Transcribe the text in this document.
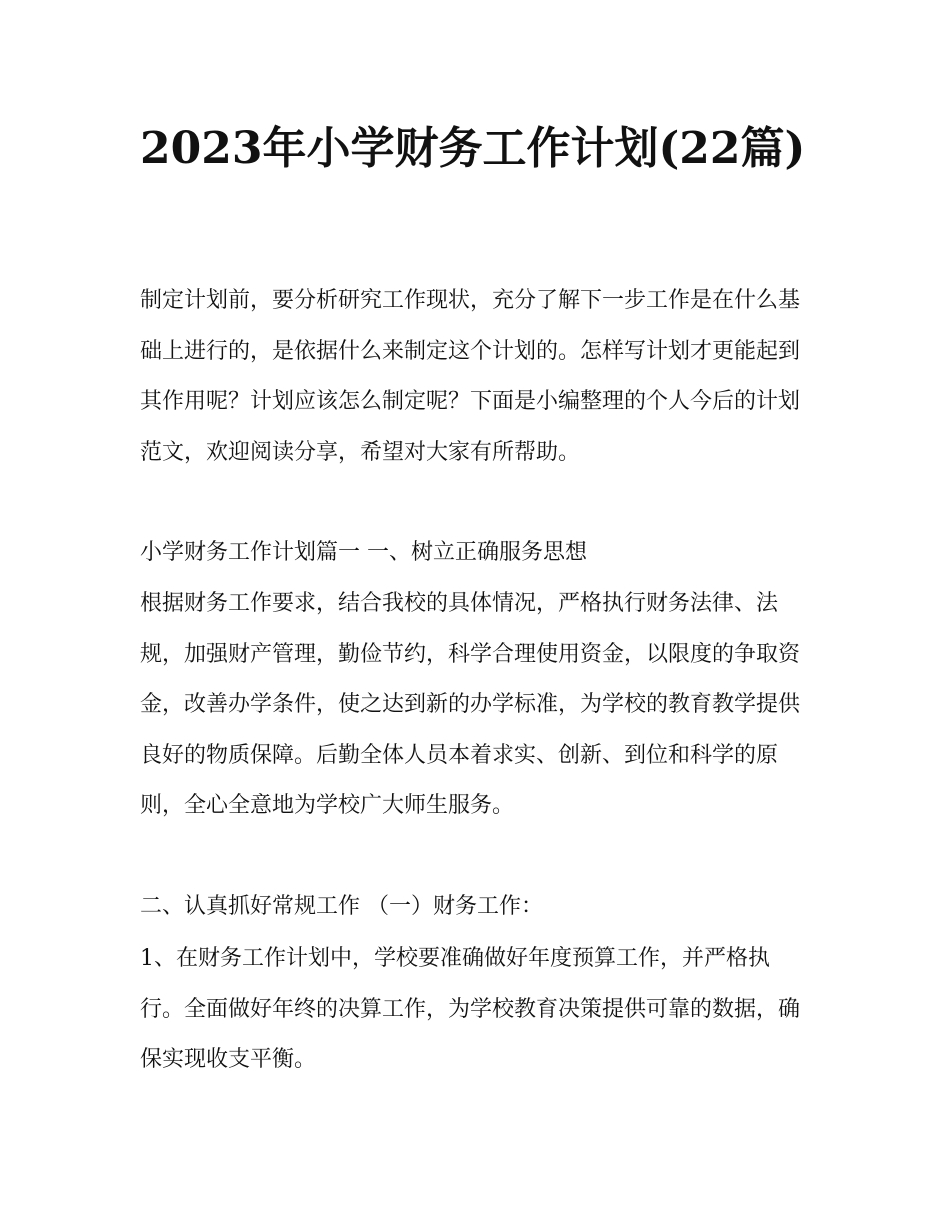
2023年小学财务工作计划(22篇)

制定计划前，要分析研究工作现状，充分了解下一步工作是在什么基础上进行的，是依据什么来制定这个计划的。怎样写计划才更能起到其作用呢？计划应该怎么制定呢？下面是小编整理的个人今后的计划范文，欢迎阅读分享，希望对大家有所帮助。

小学财务工作计划篇一 一、树立正确服务思想

根据财务工作要求，结合我校的具体情况，严格执行财务法律、法规，加强财产管理，勤俭节约，科学合理使用资金，以限度的争取资金，改善办学条件，使之达到新的办学标准，为学校的教育教学提供良好的物质保障。后勤全体人员本着求实、创新、到位和科学的原则，全心全意地为学校广大师生服务。

二、认真抓好常规工作 （一）财务工作：

1、在财务工作计划中，学校要准确做好年度预算工作，并严格执行。全面做好年终的决算工作，为学校教育决策提供可靠的数据，确保实现收支平衡。
